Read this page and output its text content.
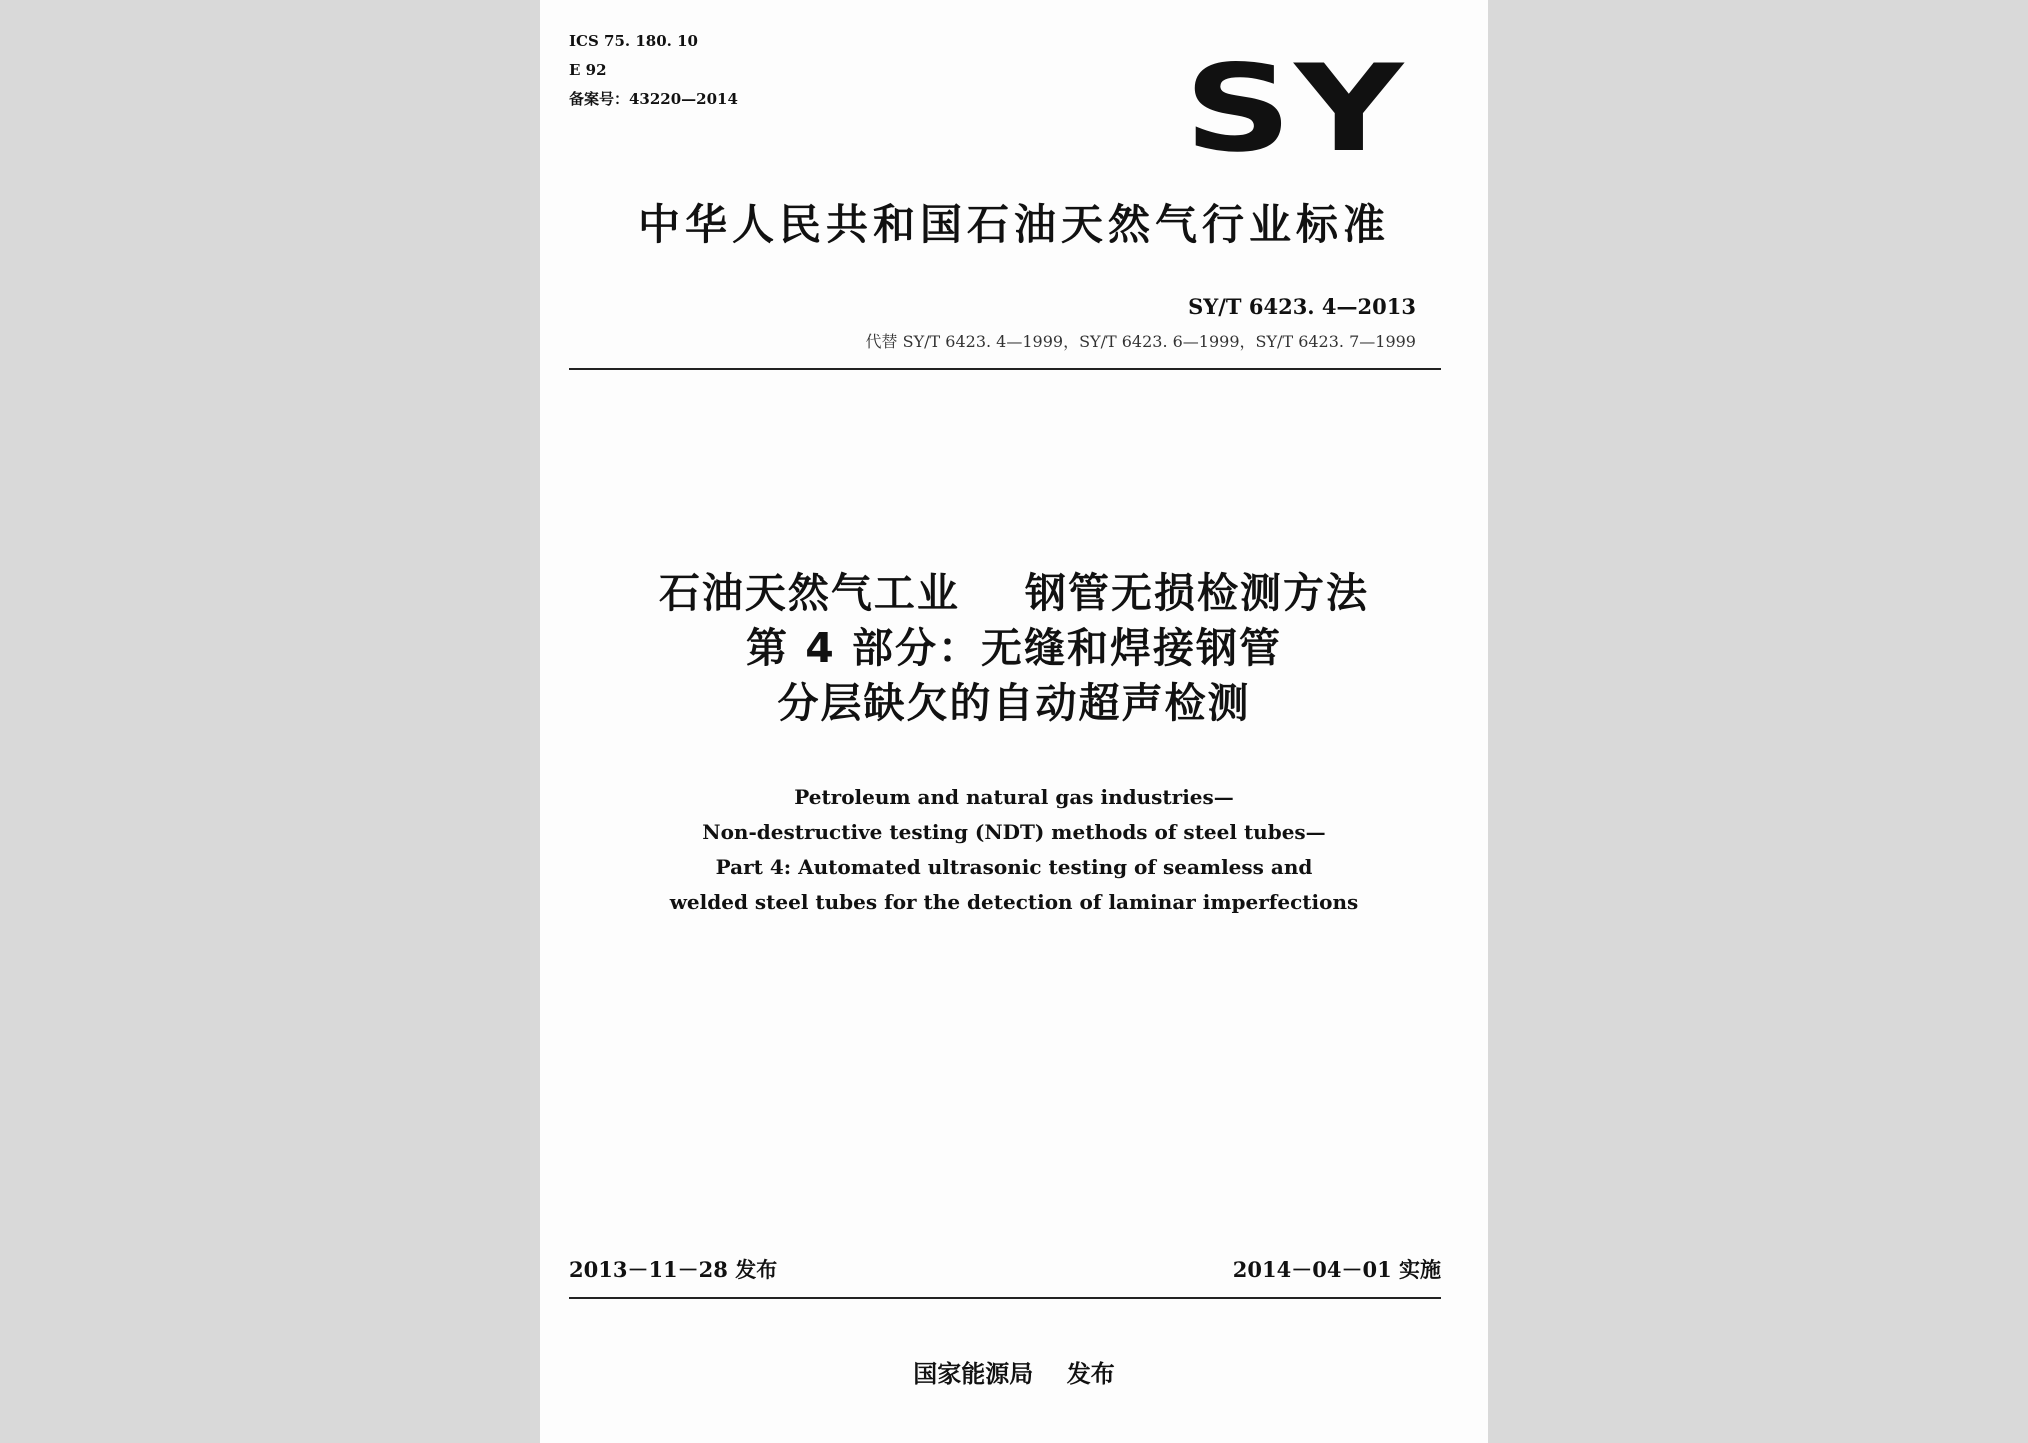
ICS 75. 180. 10
E 92
备案号：43220—2014	SY
中华人民共和国石油天然气行业标准
SY/T 6423. 4—2013
代替 SY/T 6423. 4—1999，SY/T 6423. 6—1999，SY/T 6423. 7—1999
石油天然气工业    钢管无损检测方法
第 4 部分：无缝和焊接钢管
分层缺欠的自动超声检测
Petroleum and natural gas industries—
Non-destructive testing (NDT) methods of steel tubes—
Part 4: Automated ultrasonic testing of seamless and
welded steel tubes for the detection of laminar imperfections
2013－11－28 发布	2014－04－01 实施
国家能源局    发布
